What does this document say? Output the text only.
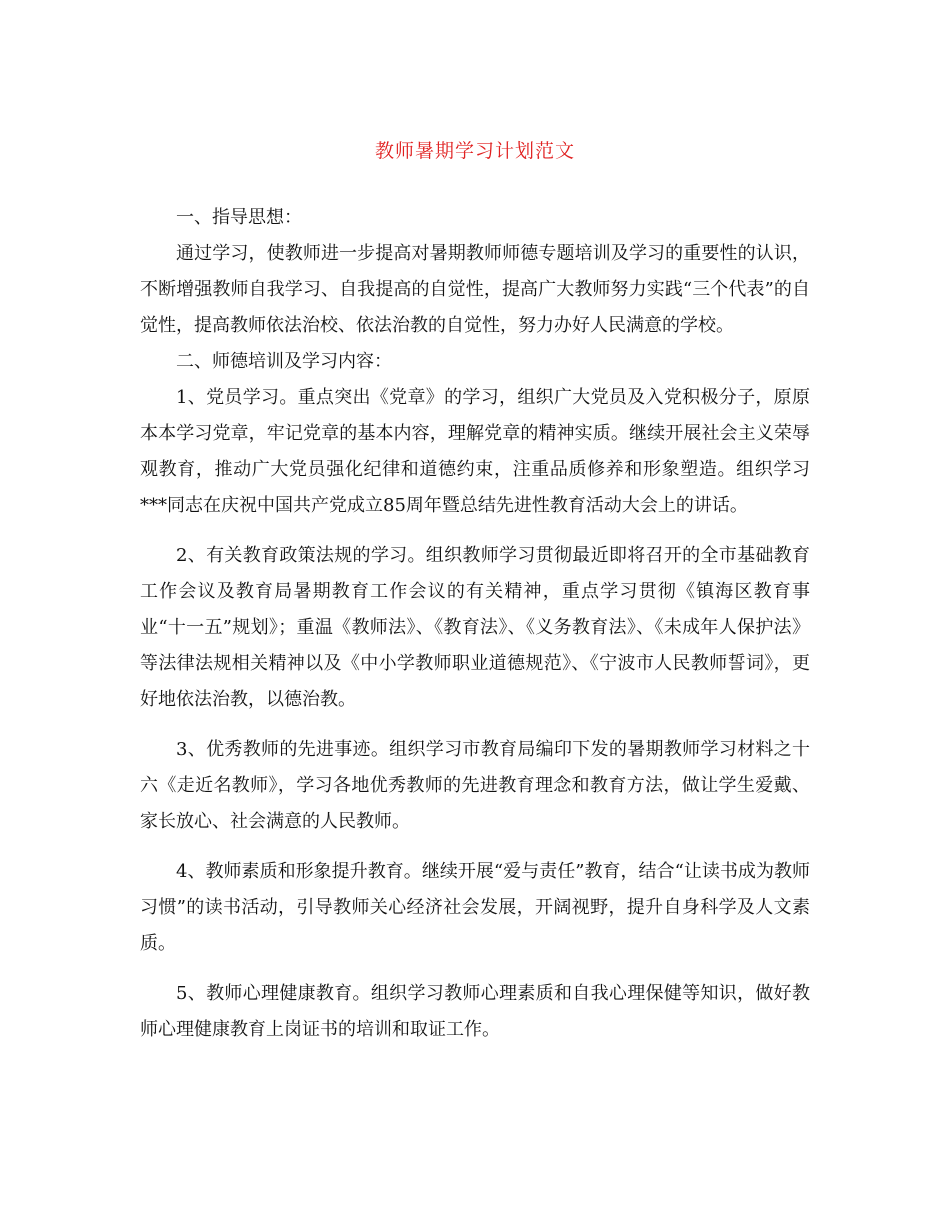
教师暑期学习计划范文

一、指导思想：

通过学习，使教师进一步提高对暑期教师师德专题培训及学习的重要性的认识，不断增强教师自我学习、自我提高的自觉性，提高广大教师努力实践“三个代表”的自觉性，提高教师依法治校、依法治教的自觉性，努力办好人民满意的学校。

二、师德培训及学习内容：

1、党员学习。重点突出《党章》的学习，组织广大党员及入党积极分子，原原本本学习党章，牢记党章的基本内容，理解党章的精神实质。继续开展社会主义荣辱观教育，推动广大党员强化纪律和道德约束，注重品质修养和形象塑造。组织学习***同志在庆祝中国共产党成立85周年暨总结先进性教育活动大会上的讲话。

2、有关教育政策法规的学习。组织教师学习贯彻最近即将召开的全市基础教育工作会议及教育局暑期教育工作会议的有关精神，重点学习贯彻《镇海区教育事业“十一五”规划》；重温《教师法》、《教育法》、《义务教育法》、《未成年人保护法》等法律法规相关精神以及《中小学教师职业道德规范》、《宁波市人民教师誓词》，更好地依法治教，以德治教。

3、优秀教师的先进事迹。组织学习市教育局编印下发的暑期教师学习材料之十六《走近名教师》，学习各地优秀教师的先进教育理念和教育方法，做让学生爱戴、家长放心、社会满意的人民教师。

4、教师素质和形象提升教育。继续开展“爱与责任”教育，结合“让读书成为教师习惯”的读书活动，引导教师关心经济社会发展，开阔视野，提升自身科学及人文素质。

5、教师心理健康教育。组织学习教师心理素质和自我心理保健等知识，做好教师心理健康教育上岗证书的培训和取证工作。
